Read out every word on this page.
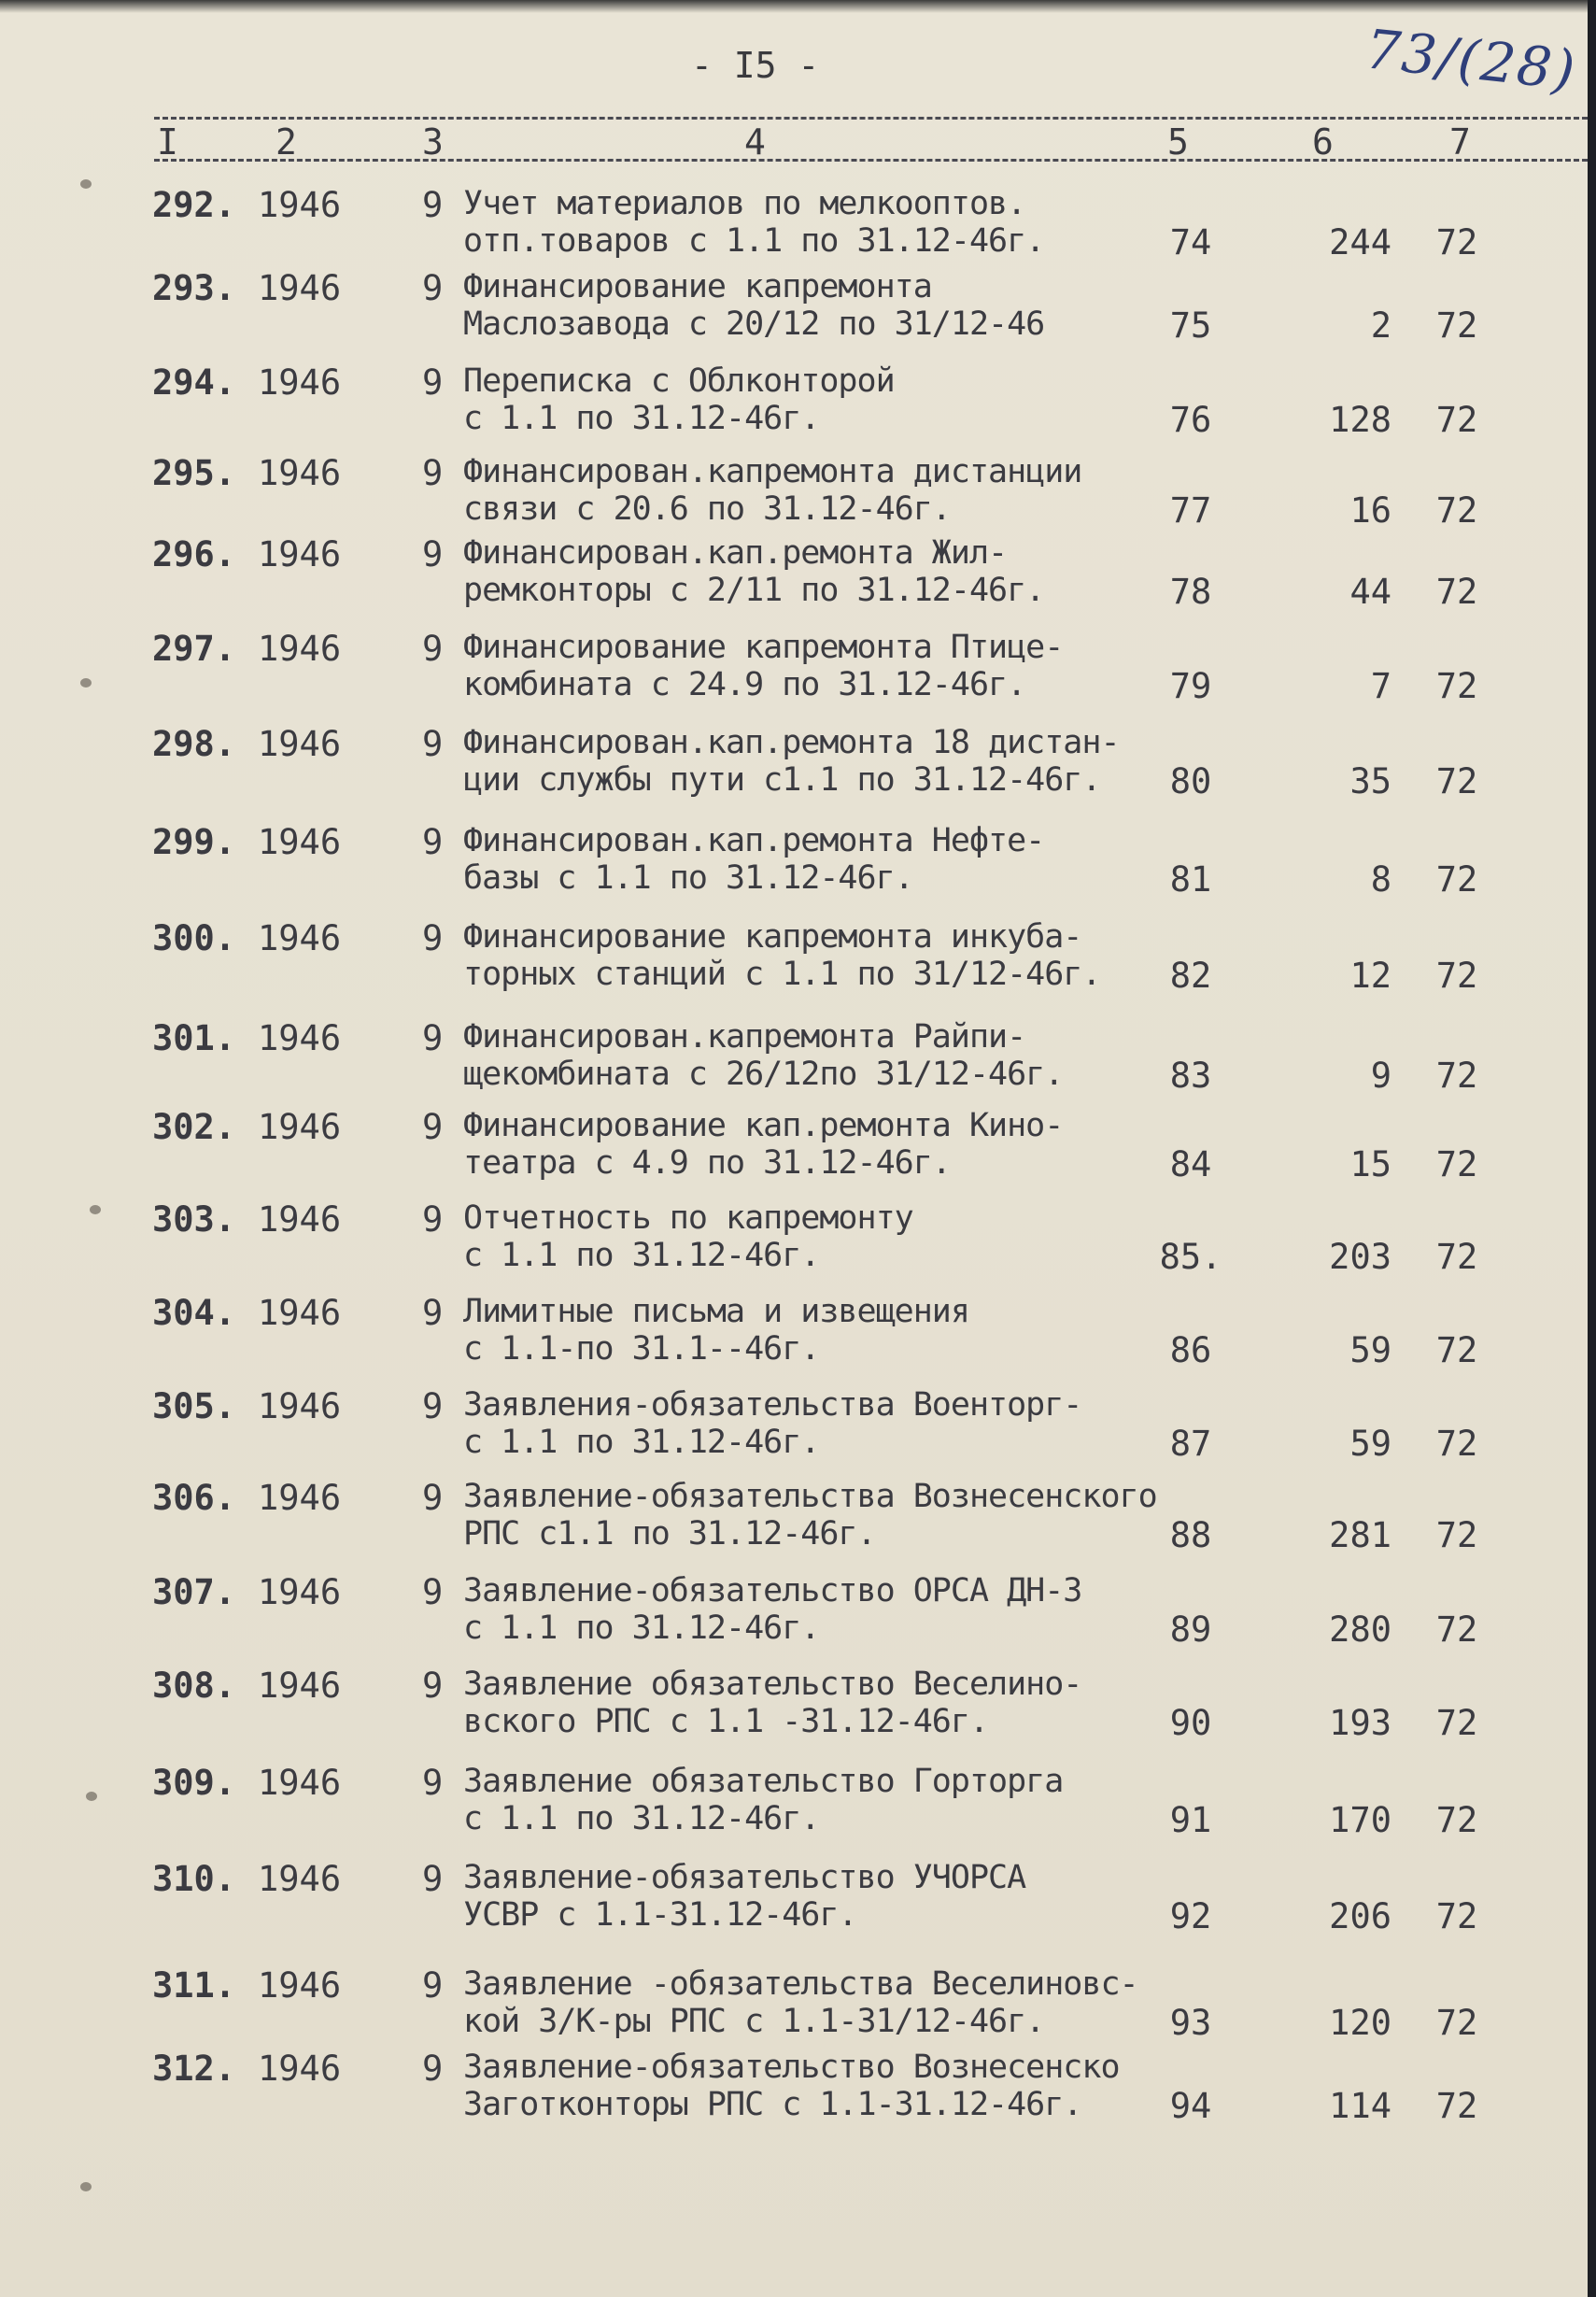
- I5 -	73/(28)
I	2	3	4	5	6	7
292. 1946 9 Учет материалов по мелкооптов.
отп.товаров с 1.1 по 31.12-46г.	74	244	72
293. 1946 9 Финансирование капремонта
Маслозавода с 20/12 по 31/12-46	75	2	72
294. 1946 9 Переписка с Облконторой
с 1.1 по 31.12-46г.	76	128	72
295. 1946 9 Финансирован.капремонта дистанции
связи с 20.6 по 31.12-46г.	77	16	72
296. 1946 9 Финансирован.кап.ремонта Жил-
ремконторы с 2/11 по 31.12-46г.	78	44	72
297. 1946 9 Финансирование капремонта Птице-
комбината с 24.9 по 31.12-46г.	79	7	72
298. 1946 9 Финансирован.кап.ремонта 18 дистан-
ции службы пути с1.1 по 31.12-46г.	80	35	72
299. 1946 9 Финансирован.кап.ремонта Нефте-
базы с 1.1 по 31.12-46г.	81	8	72
300. 1946 9 Финансирование капремонта инкуба-
торных станций с 1.1 по 31/12-46г.	82	12	72
301. 1946 9 Финансирован.капремонта Райпи-
щекомбината с 26/12по 31/12-46г.	83	9	72
302. 1946 9 Финансирование кап.ремонта Кино-
театра с 4.9 по 31.12-46г.	84	15	72
303. 1946 9 Отчетность по капремонту
с 1.1 по 31.12-46г.	85.	203	72
304. 1946 9 Лимитные письма и извещения
с 1.1-по 31.1--46г.	86	59	72
305. 1946 9 Заявления-обязательства Военторг-
с 1.1 по 31.12-46г.	87	59	72
306. 1946 9 Заявление-обязательства Вознесенского
РПС с1.1 по 31.12-46г.	88	281	72
307. 1946 9 Заявление-обязательство ОРСА ДН-3
с 1.1 по 31.12-46г.	89	280	72
308. 1946 9 Заявление обязательство Веселино-
вского РПС с 1.1 -31.12-46г.	90	193	72
309. 1946 9 Заявление обязательство Горторга
с 1.1 по 31.12-46г.	91	170	72
310. 1946 9 Заявление-обязательство УЧОРСА
УСВР с 1.1-31.12-46г.	92	206	72
311. 1946 9 Заявление -обязательства Веселиновс-
кой З/К-ры РПС с 1.1-31/12-46г.	93	120	72
312. 1946 9 Заявление-обязательство Вознесенско
Заготконторы РПС с 1.1-31.12-46г.	94	114	72
